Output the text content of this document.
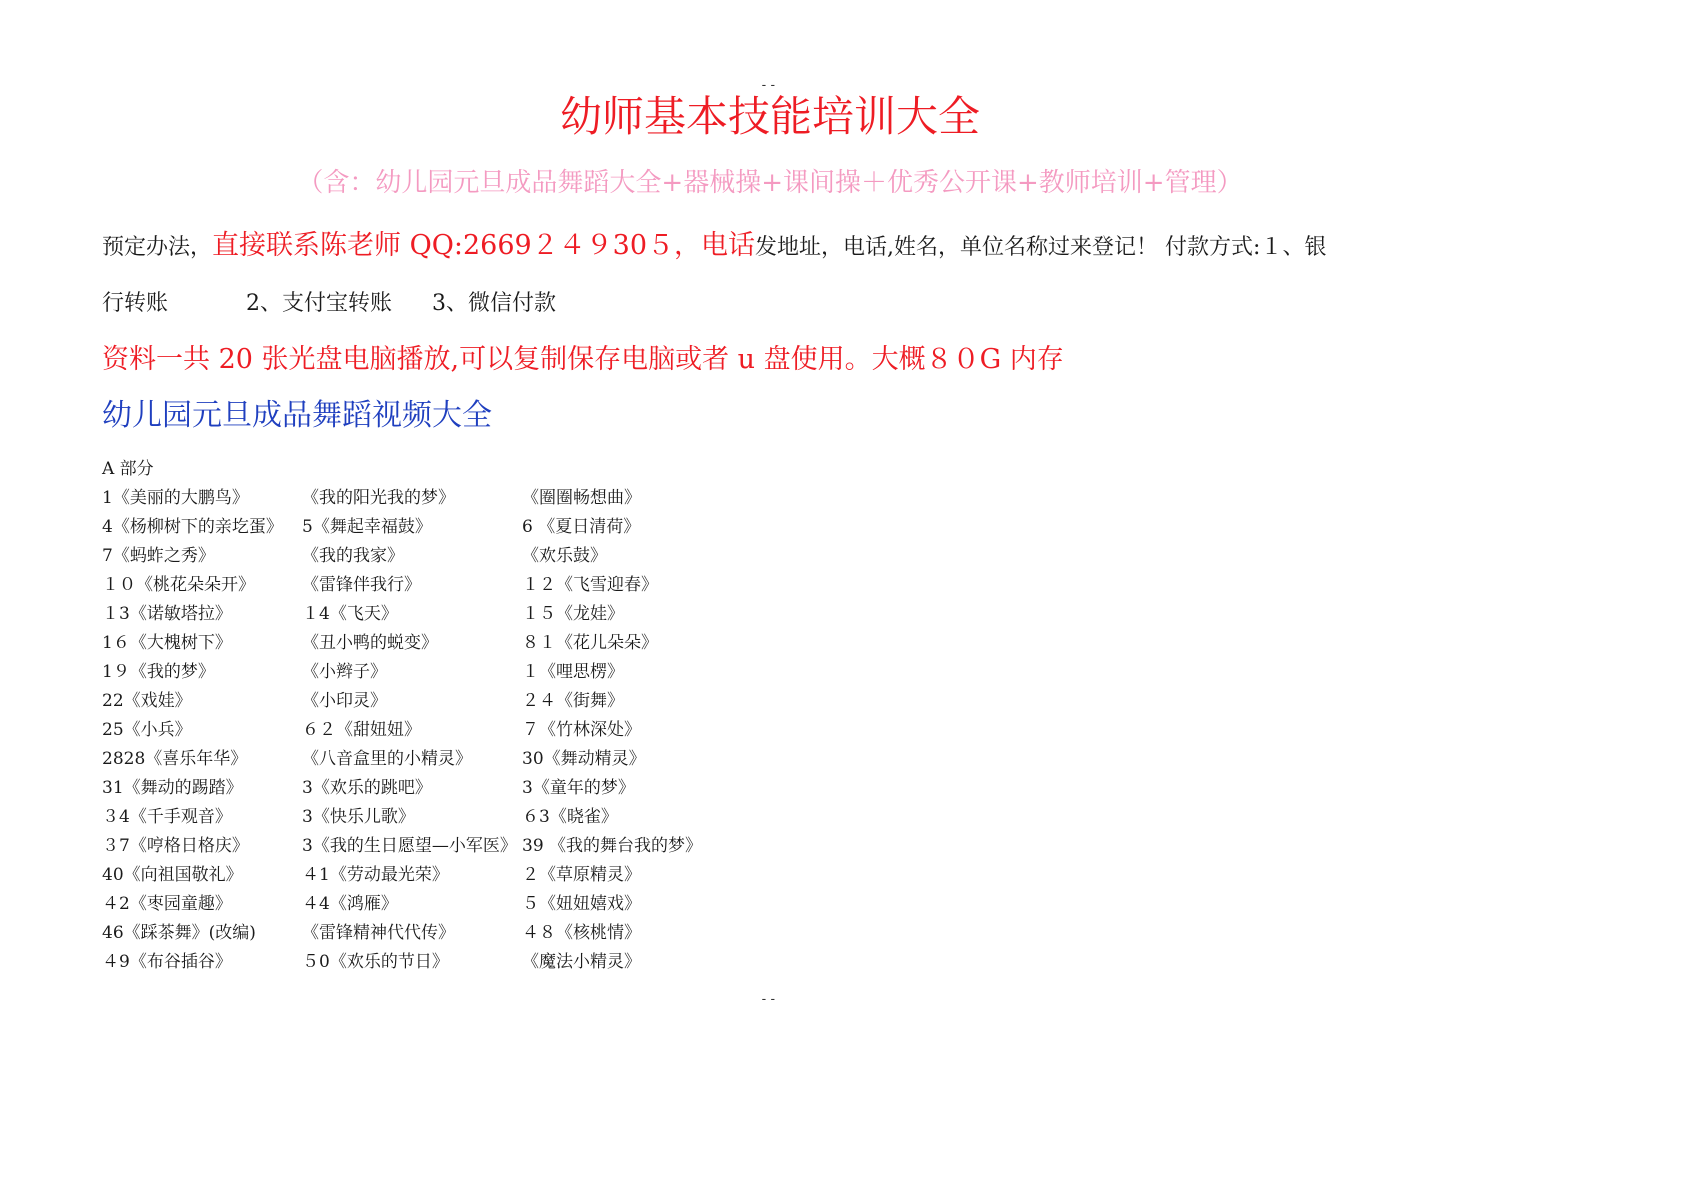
--
幼师基本技能培训大全
（含：幼儿园元旦成品舞蹈大全+器械操+课间操＋优秀公开课+教师培训+管理）
预定办法，直接联系陈老师 QQ:2669２４９30５，电话发地址，电话,姓名，单位名称过来登记！ 付款方式:１、银
行转账	2、支付宝转账 3、微信付款
资料一共 20 张光盘电脑播放,可以复制保存电脑或者 u 盘使用。大概８０G 内存
幼儿园元旦成品舞蹈视频大全
A 部分
1《美丽的大鹏鸟》	《我的阳光我的梦》	《圈圈畅想曲》
4《杨柳树下的亲圪蛋》 5《舞起幸福鼓》	6 《夏日清荷》
7《蚂蚱之秀》	《我的我家》	《欢乐鼓》
１０《桃花朵朵开》	《雷锋伴我行》	１２《飞雪迎春》
１3《诺敏塔拉》	１4《飞天》	１５《龙娃》
1６《大槐树下》	《丑小鸭的蜕变》	８１《花儿朵朵》
1９《我的梦》	《小辫子》	１《哩思楞》
22《戏娃》	《小印灵》	２４《街舞》
25《小兵》	６２《甜妞妞》	７《竹林深处》
2828《喜乐年华》	《八音盒里的小精灵》	30《舞动精灵》
31《舞动的踢踏》	3《欢乐的跳吧》	3《童年的梦》
３4《千手观音》	3《快乐儿歌》	６3《晓雀》
３7《哼格日格庆》	3《我的生日愿望—小军医》 39 《我的舞台我的梦》
40《向祖国敬礼》	４1《劳动最光荣》	２《草原精灵》
４2《枣园童趣》	４4《鸿雁》	５《妞妞嬉戏》
46《踩茶舞》(改编)	《雷锋精神代代传》	４８《核桃情》
４9《布谷插谷》	５0《欢乐的节日》	《魔法小精灵》
--
